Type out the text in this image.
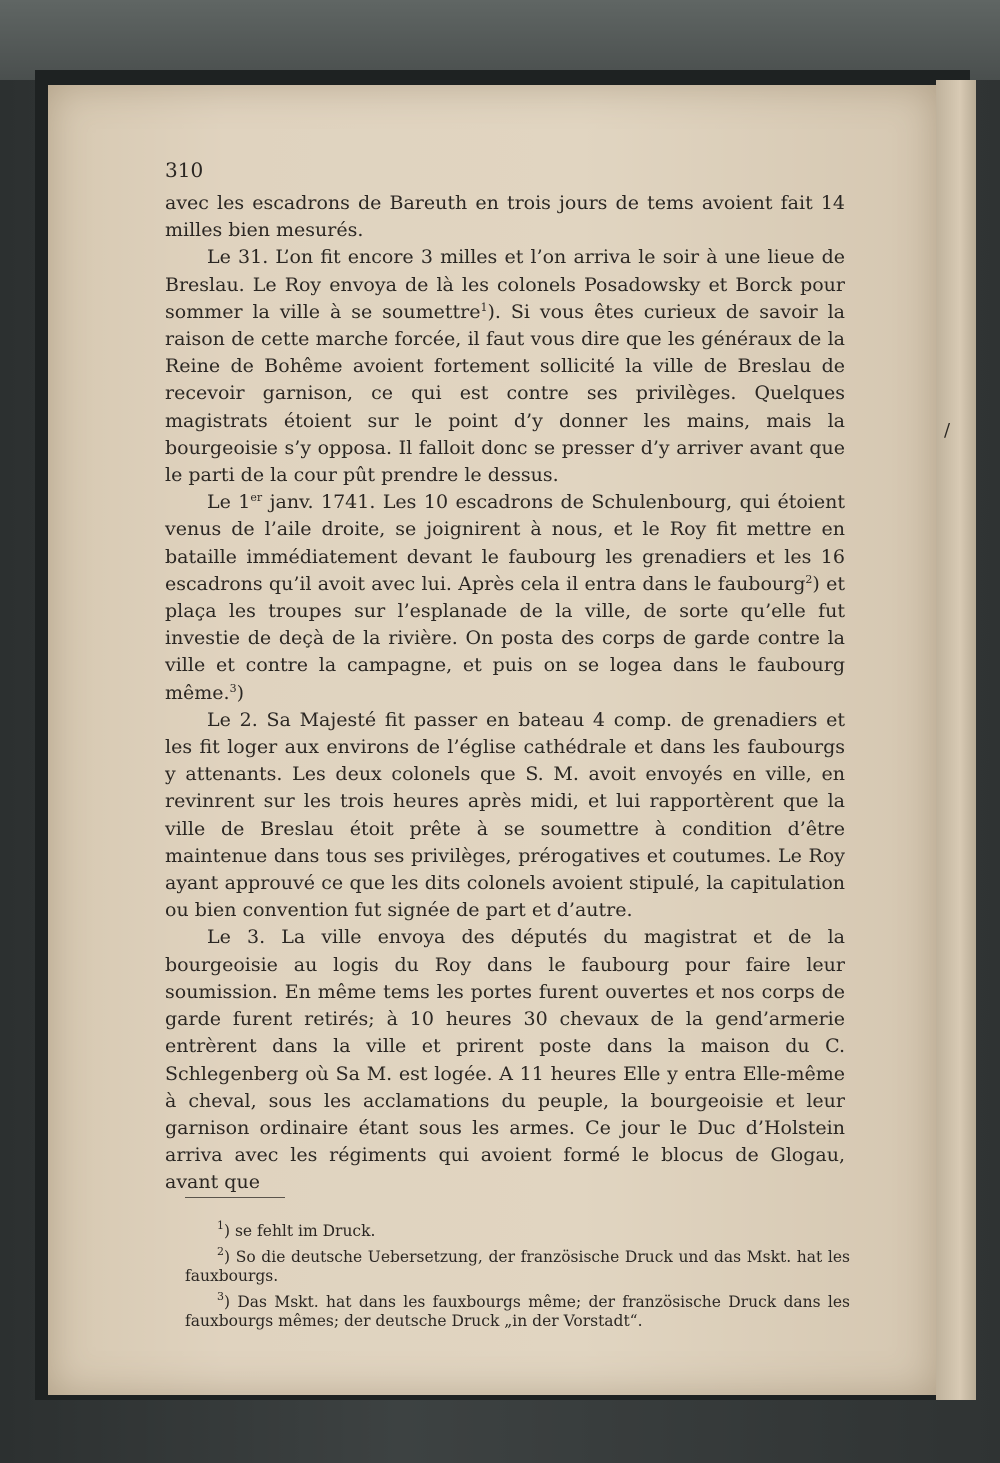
310

avec les escadrons de Bareuth en trois jours de tems avoient fait 14 milles bien mesurés.

Le 31. L’on fit encore 3 milles et l’on arriva le soir à une lieue de Breslau. Le Roy envoya de là les colonels Posadowsky et Borck pour sommer la ville à se soumettre$^1$). Si vous êtes curieux de savoir la raison de cette marche forcée, il faut vous dire que les généraux de la Reine de Bohême avoient fortement sollicité la ville de Breslau de recevoir garnison, ce qui est contre ses privilèges. Quelques magistrats étoient sur le point d’y donner les mains, mais la bourgeoisie s’y opposa. Il falloit donc se presser d’y arriver avant que le parti de la cour pût prendre le dessus.

Le 1er janv. 1741. Les 10 escadrons de Schulenbourg, qui étoient venus de l’aile droite, se joignirent à nous, et le Roy fit mettre en bataille immédiatement devant le faubourg les grenadiers et les 16 escadrons qu’il avoit avec lui. Après cela il entra dans le faubourg$^2$) et plaça les troupes sur l’esplanade de la ville, de sorte qu’elle fut investie de deçà de la rivière. On posta des corps de garde contre la ville et contre la campagne, et puis on se logea dans le faubourg même.$^3$)

Le 2. Sa Majesté fit passer en bateau 4 comp. de grenadiers et les fit loger aux environs de l’église cathédrale et dans les faubourgs y attenants. Les deux colonels que S. M. avoit envoyés en ville, en revinrent sur les trois heures après midi, et lui rapportèrent que la ville de Breslau étoit prête à se soumettre à condition d’être maintenue dans tous ses privilèges, prérogatives et coutumes. Le Roy ayant approuvé ce que les dits colonels avoient stipulé, la capitulation ou bien convention fut signée de part et d’autre.

Le 3. La ville envoya des députés du magistrat et de la bourgeoisie au logis du Roy dans le faubourg pour faire leur soumission. En même tems les portes furent ouvertes et nos corps de garde furent retirés; à 10 heures 30 chevaux de la gend’armerie entrèrent dans la ville et prirent poste dans la maison du C. Schlegenberg où Sa M. est logée. A 11 heures Elle y entra Elle-même à cheval, sous les acclamations du peuple, la bourgeoisie et leur garnison ordinaire étant sous les armes. Ce jour le Duc d’Holstein arriva avec les régiments qui avoient formé le blocus de Glogau, avant que

$^1$) se fehlt im Druck.

$^2$) So die deutsche Uebersetzung, der französische Druck und das Mskt. hat les fauxbourgs.

$^3$) Das Mskt. hat dans les fauxbourgs même; der französische Druck dans les fauxbourgs mêmes; der deutsche Druck „in der Vorstadt“.

/
